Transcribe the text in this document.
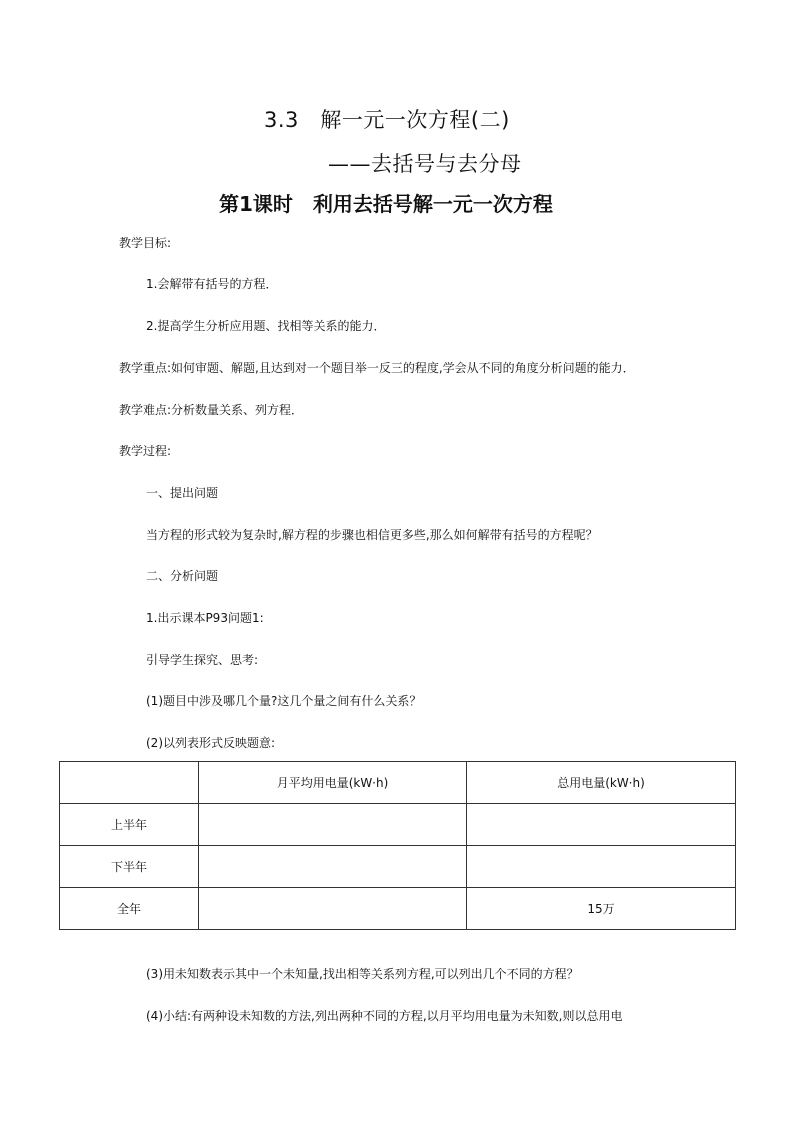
3.3　解一元一次方程(二)
——去括号与去分母
第1课时　利用去括号解一元一次方程
教学目标:
1.会解带有括号的方程．
2.提高学生分析应用题、找相等关系的能力．
教学重点:如何审题、解题,且达到对一个题目举一反三的程度,学会从不同的角度分析问题的能力．
教学难点:分析数量关系、列方程．
教学过程:
一、提出问题
当方程的形式较为复杂时,解方程的步骤也相信更多些,那么如何解带有括号的方程呢？
二、分析问题
1.出示课本P93问题1:
引导学生探究、思考:
(1)题目中涉及哪几个量?这几个量之间有什么关系？
(2)以列表形式反映题意:
	月平均用电量(kW·h)	总用电量(kW·h)
上半年		
下半年		
全年		15万
(3)用未知数表示其中一个未知量,找出相等关系列方程,可以列出几个不同的方程？
(4)小结:有两种设未知数的方法,列出两种不同的方程,以月平均用电量为未知数,则以总用电
